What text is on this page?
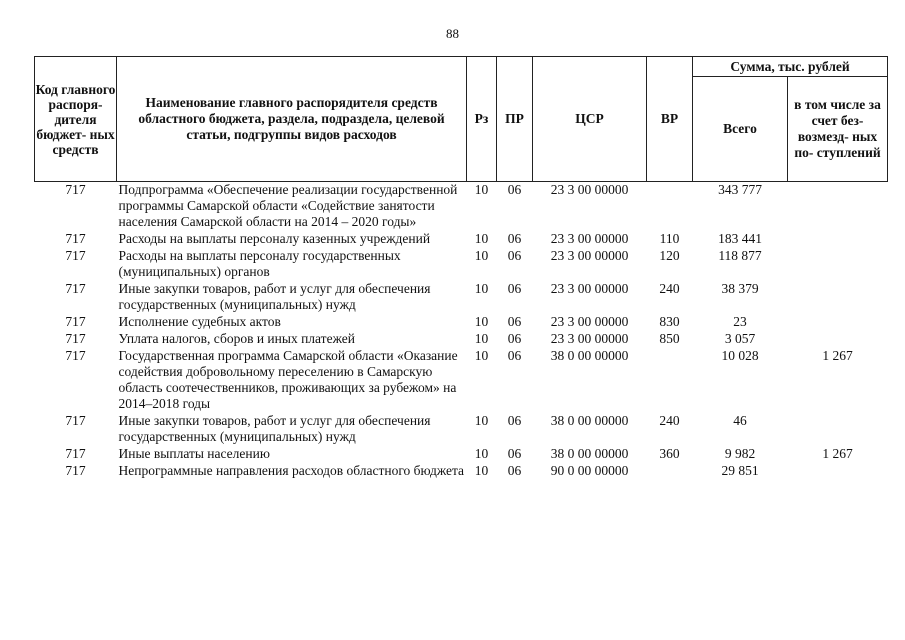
88
Код главного распоря- дителя бюджет- ных средств	Наименование главного распорядителя средств областного бюджета, раздела, подраздела, целевой статьи, подгруппы видов расходов	Рз	ПР	ЦСР	ВР	Сумма, тыс. рублей	
						Всего	в том числе за счет без- возмезд- ных по- ступлений
717	Подпрограмма «Обеспечение реализации государственной программы Самарской области «Содействие занятости населения Самарской области на 2014 – 2020 годы»	10	06	23 3 00 00000		343 777	
717	Расходы на выплаты персоналу казенных учреждений	10	06	23 3 00 00000	110	183 441	
717	Расходы на выплаты персоналу государственных (муниципальных) органов	10	06	23 3 00 00000	120	118 877	
717	Иные закупки товаров, работ и услуг для обеспечения государственных (муниципальных) нужд	10	06	23 3 00 00000	240	38 379	
717	Исполнение судебных актов	10	06	23 3 00 00000	830	23	
717	Уплата налогов, сборов и иных платежей	10	06	23 3 00 00000	850	3 057	
717	Государственная программа Самарской области «Оказание содействия добровольному переселению в Самарскую область соотечественников, проживающих за рубежом» на 2014–2018 годы	10	06	38 0 00 00000		10 028	1 267
717	Иные закупки товаров, работ и услуг для обеспечения государственных (муниципальных) нужд	10	06	38 0 00 00000	240	46	
717	Иные выплаты населению	10	06	38 0 00 00000	360	9 982	1 267
717	Непрограммные направления расходов областного бюджета	10	06	90 0 00 00000		29 851	
